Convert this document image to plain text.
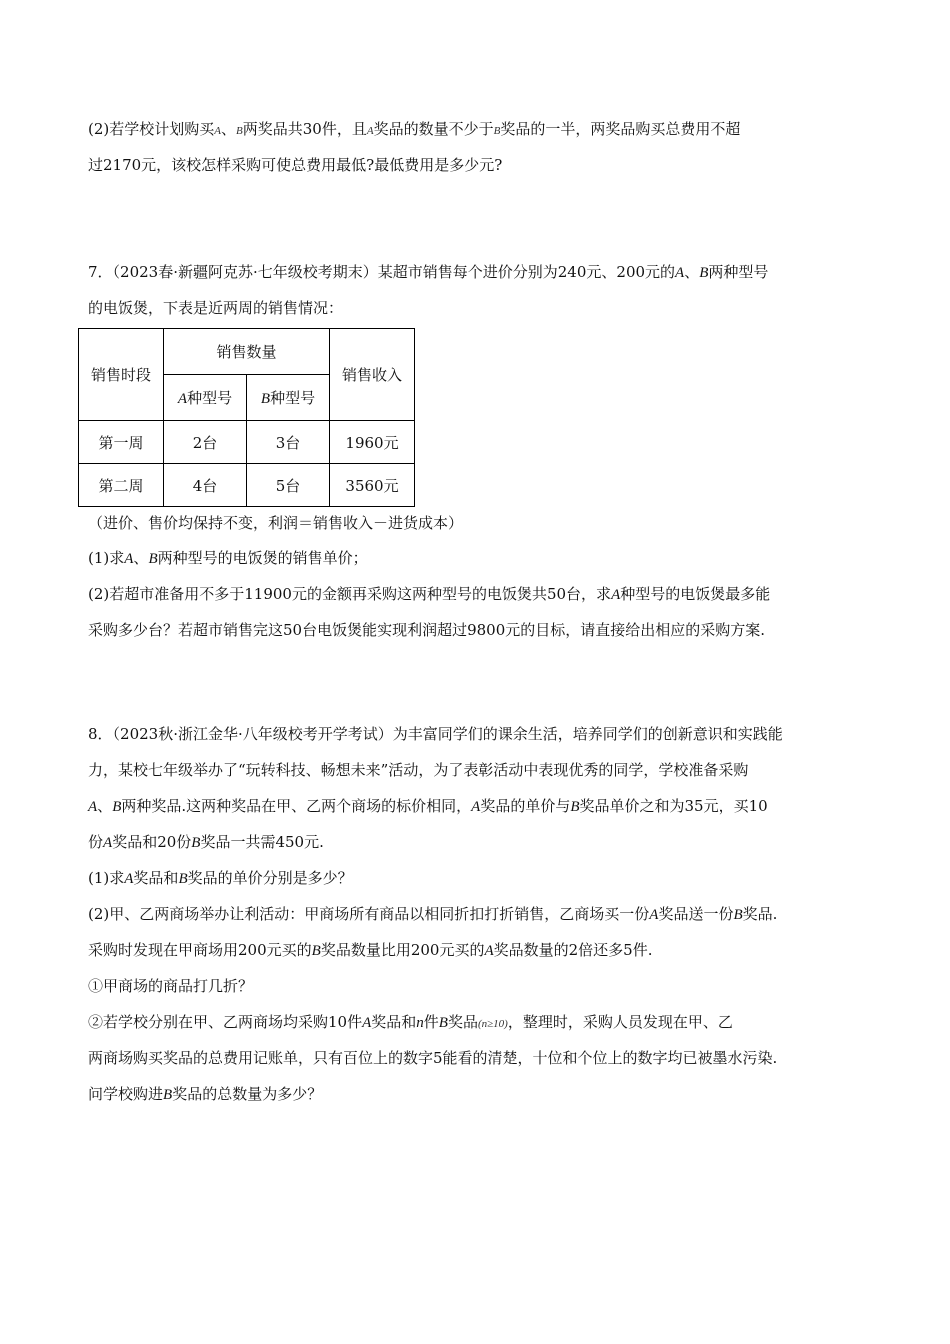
(2)若学校计划购买A、B两奖品共30件，且A奖品的数量不少于B奖品的一半，两奖品购买总费用不超
过2170元，该校怎样采购可使总费用最低?最低费用是多少元?
7．（2023春·新疆阿克苏·七年级校考期末）某超市销售每个进价分别为240元、200元的A、B两种型号
的电饭煲，下表是近两周的销售情况：
销售时段	销售数量		销售收入
	A种型号	B种型号	
第一周	2台	3台	1960元
第二周	4台	5台	3560元
（进价、售价均保持不变，利润＝销售收入－进货成本）
(1)求A、B两种型号的电饭煲的销售单价；
(2)若超市准备用不多于11900元的金额再采购这两种型号的电饭煲共50台，求A种型号的电饭煲最多能
采购多少台？若超市销售完这50台电饭煲能实现利润超过9800元的目标，请直接给出相应的采购方案.
8．（2023秋·浙江金华·八年级校考开学考试）为丰富同学们的课余生活，培养同学们的创新意识和实践能
力，某校七年级举办了“玩转科技、畅想未来”活动，为了表彰活动中表现优秀的同学，学校准备采购
A、B两种奖品.这两种奖品在甲、乙两个商场的标价相同，A奖品的单价与B奖品单价之和为35元，买10
份A奖品和20份B奖品一共需450元.
(1)求A奖品和B奖品的单价分别是多少？
(2)甲、乙两商场举办让利活动：甲商场所有商品以相同折扣打折销售，乙商场买一份A奖品送一份B奖品.
采购时发现在甲商场用200元买的B奖品数量比用200元买的A奖品数量的2倍还多5件.
①甲商场的商品打几折？
②若学校分别在甲、乙两商场均采购10件A奖品和n件B奖品(n≥10)，整理时，采购人员发现在甲、乙
两商场购买奖品的总费用记账单，只有百位上的数字5能看的清楚，十位和个位上的数字均已被墨水污染.
问学校购进B奖品的总数量为多少？
